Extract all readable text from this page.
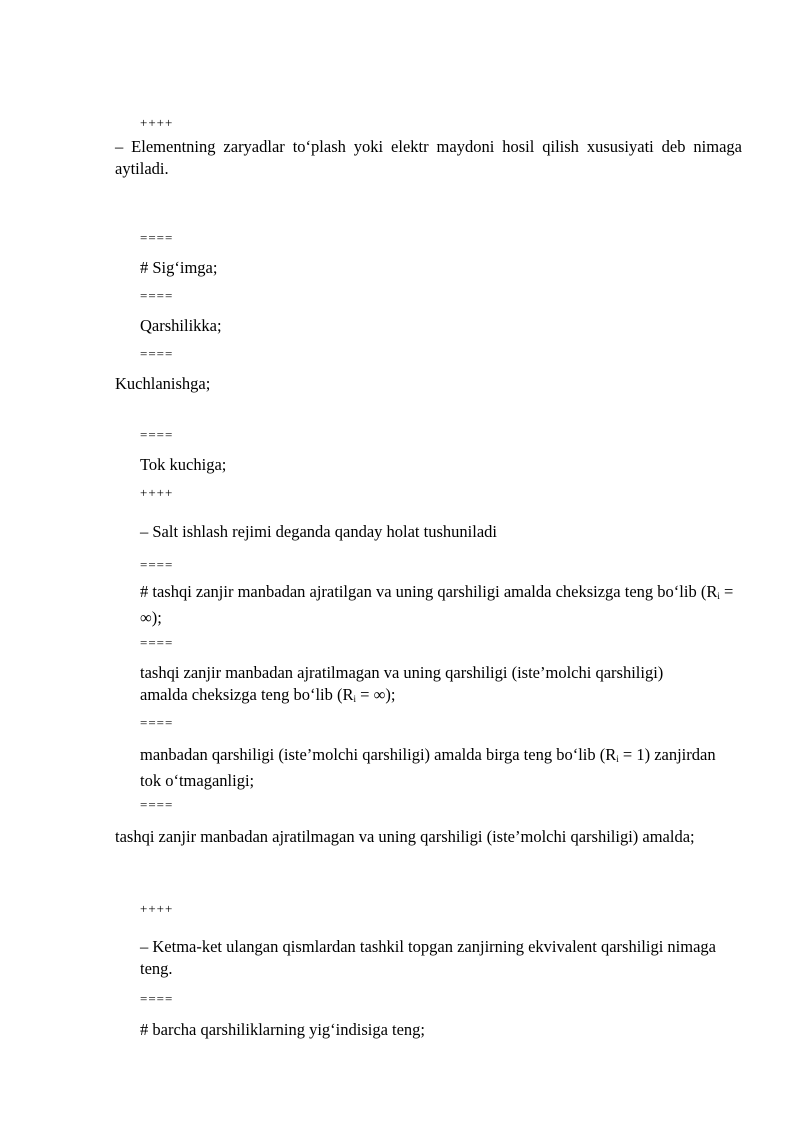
++++
– Elementning zaryadlar to‘plash yoki elektr maydoni hosil qilish xususiyati deb nimaga aytiladi.
====
# Sig‘imga;
====
Qarshilikka;
====
Kuchlanishga;
====
Tok kuchiga;
++++
– Salt ishlash rejimi deganda qanday holat tushuniladi
====
# tashqi zanjir manbadan ajratilgan va uning qarshiligi amalda cheksizga teng bo‘lib ($R_i$ = ∞);
====
tashqi zanjir manbadan ajratilmagan va uning qarshiligi (iste’molchi qarshiligi) amalda cheksizga teng bo‘lib ($R_i$ = ∞);
====
manbadan qarshiligi (iste’molchi qarshiligi) amalda birga teng bo‘lib $(R_i = 1)$ zanjirdan tok o‘tmaganligi;
====
tashqi zanjir manbadan ajratilmagan va uning qarshiligi (iste’molchi qarshiligi) amalda;
++++
– Ketma-ket ulangan qismlardan tashkil topgan zanjirning ekvivalent qarshiligi nimaga teng.
====
# barcha qarshiliklarning yig‘indisiga teng;
